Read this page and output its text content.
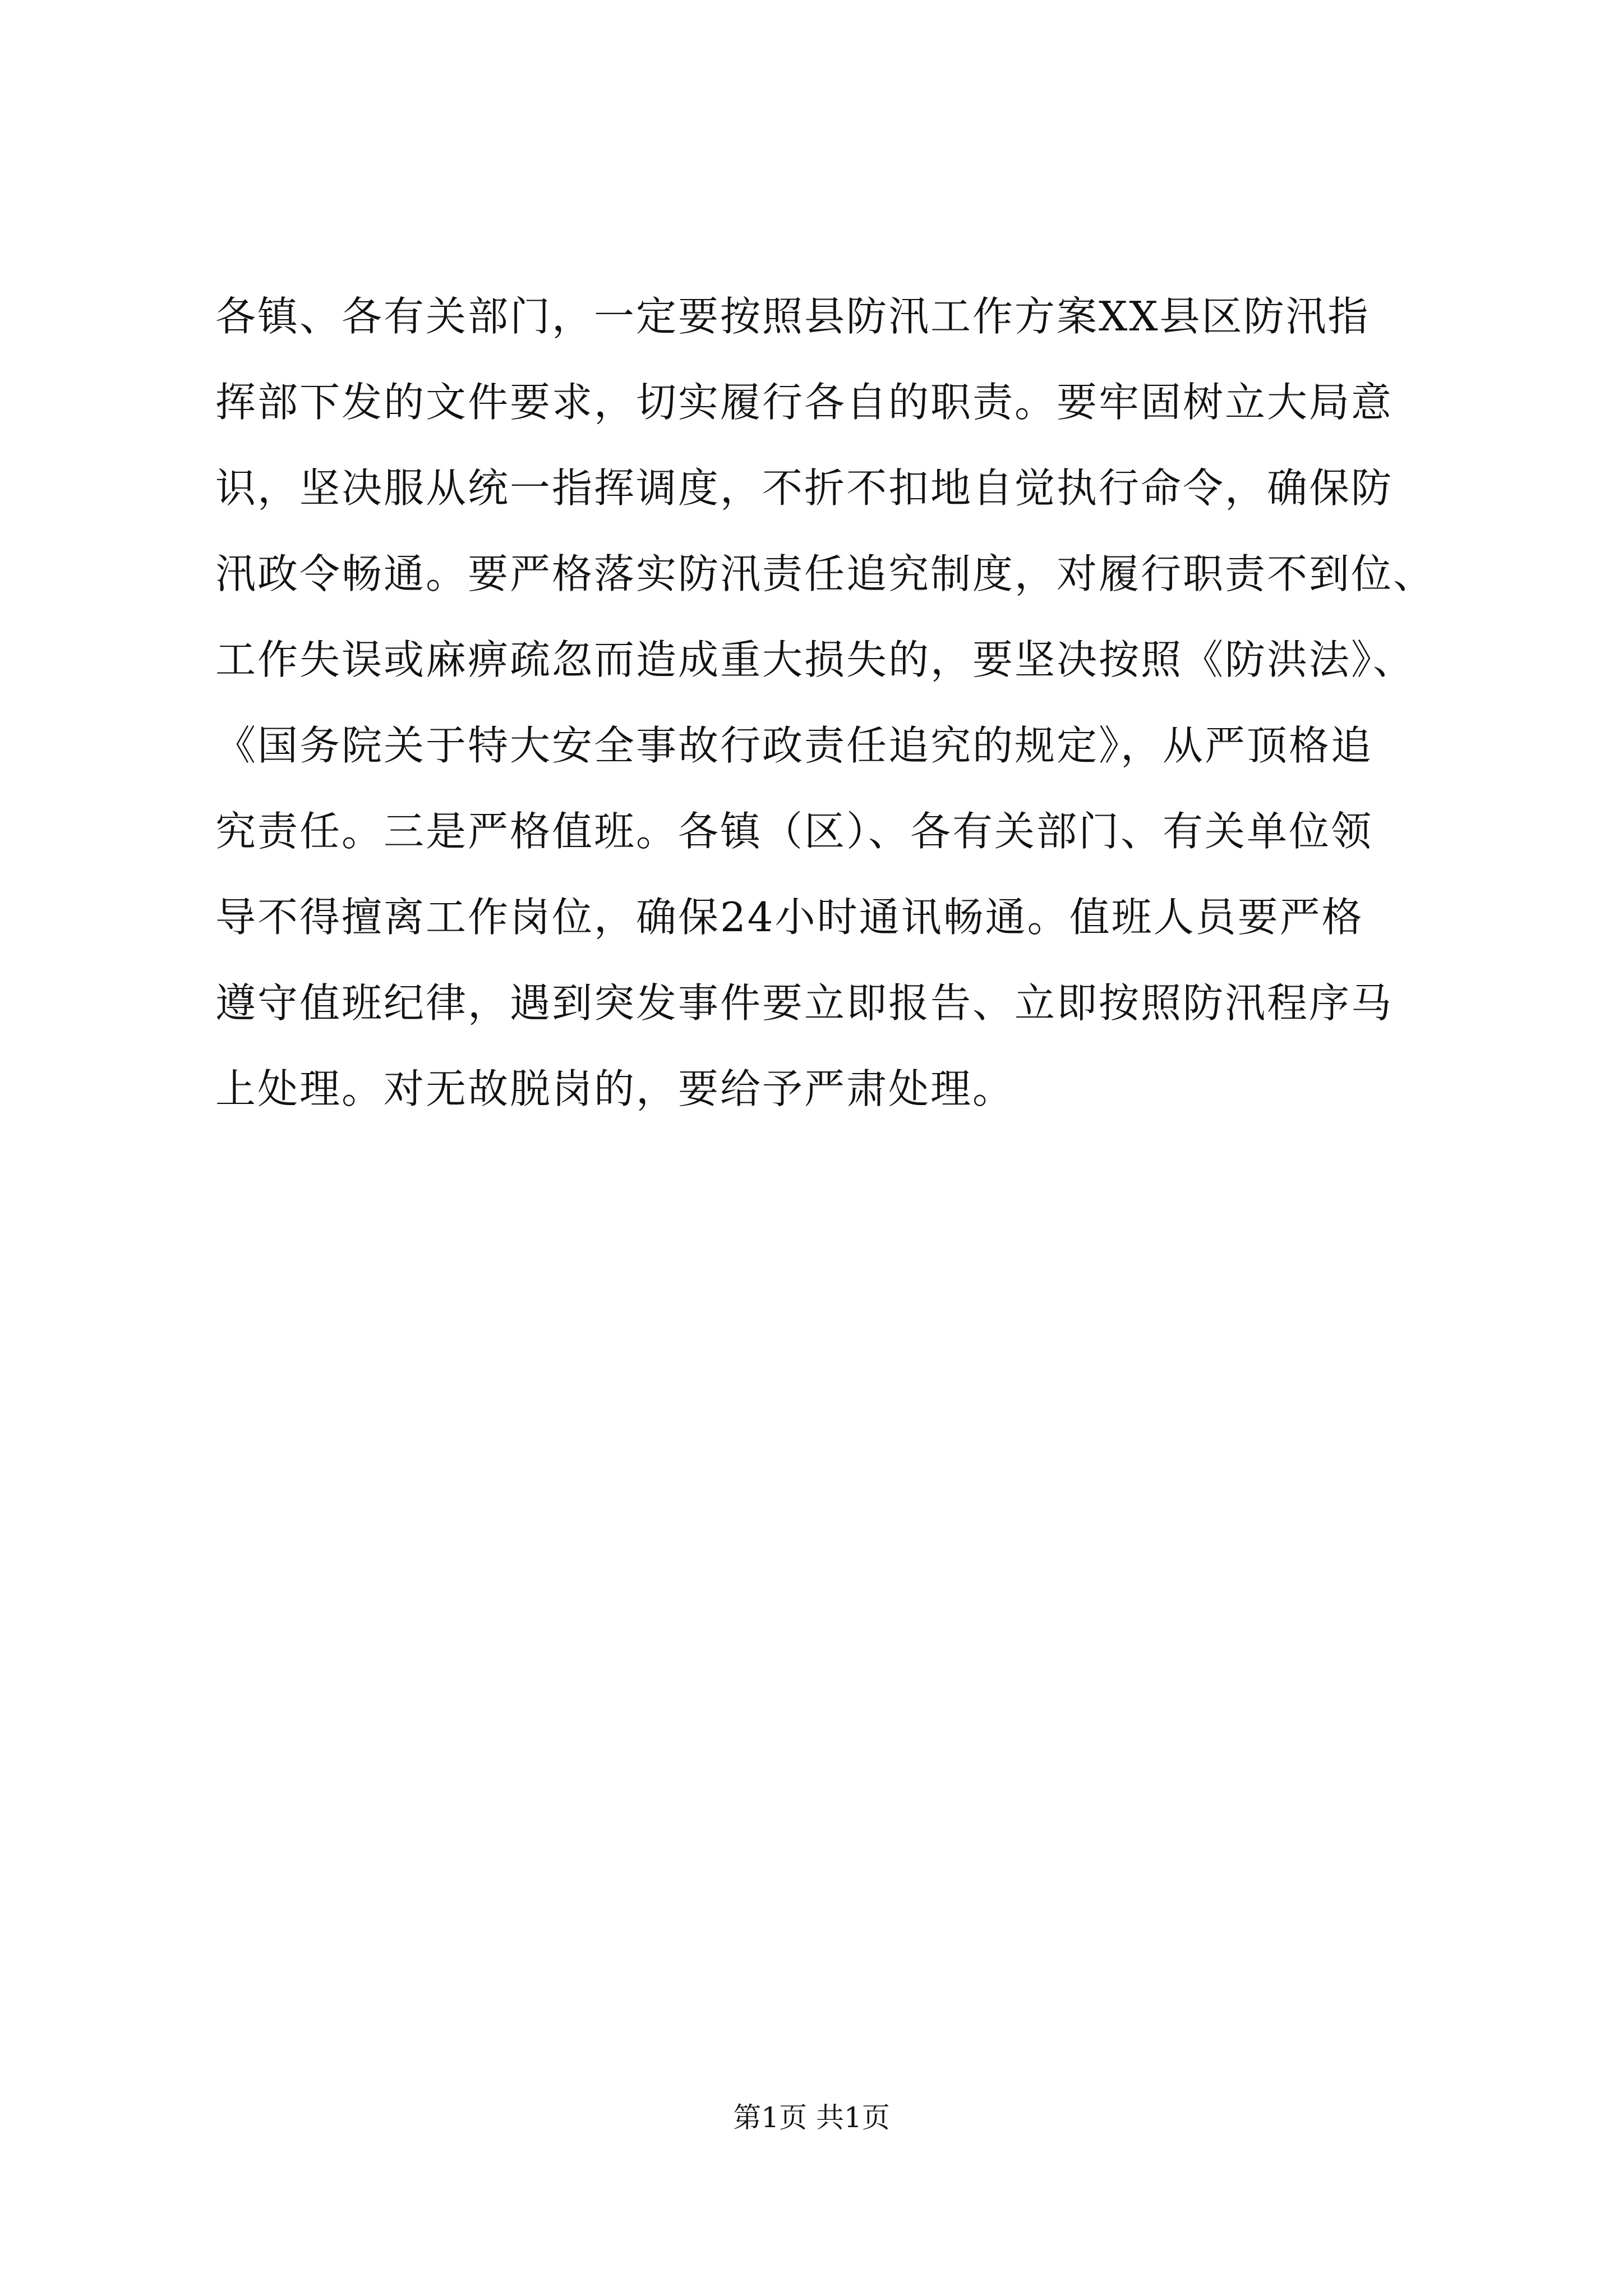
各镇、各有关部门，一定要按照县防汛工作方案XX县区防汛指
挥部下发的文件要求，切实履行各自的职责。要牢固树立大局意
识，坚决服从统一指挥调度，不折不扣地自觉执行命令，确保防
汛政令畅通。要严格落实防汛责任追究制度，对履行职责不到位、
工作失误或麻痹疏忽而造成重大损失的，要坚决按照《防洪法》、
《国务院关于特大安全事故行政责任追究的规定》，从严顶格追
究责任。三是严格值班。各镇（区）、各有关部门、有关单位领
导不得擅离工作岗位，确保24小时通讯畅通。值班人员要严格
遵守值班纪律，遇到突发事件要立即报告、立即按照防汛程序马
上处理。对无故脱岗的，要给予严肃处理。
第1页 共1页
